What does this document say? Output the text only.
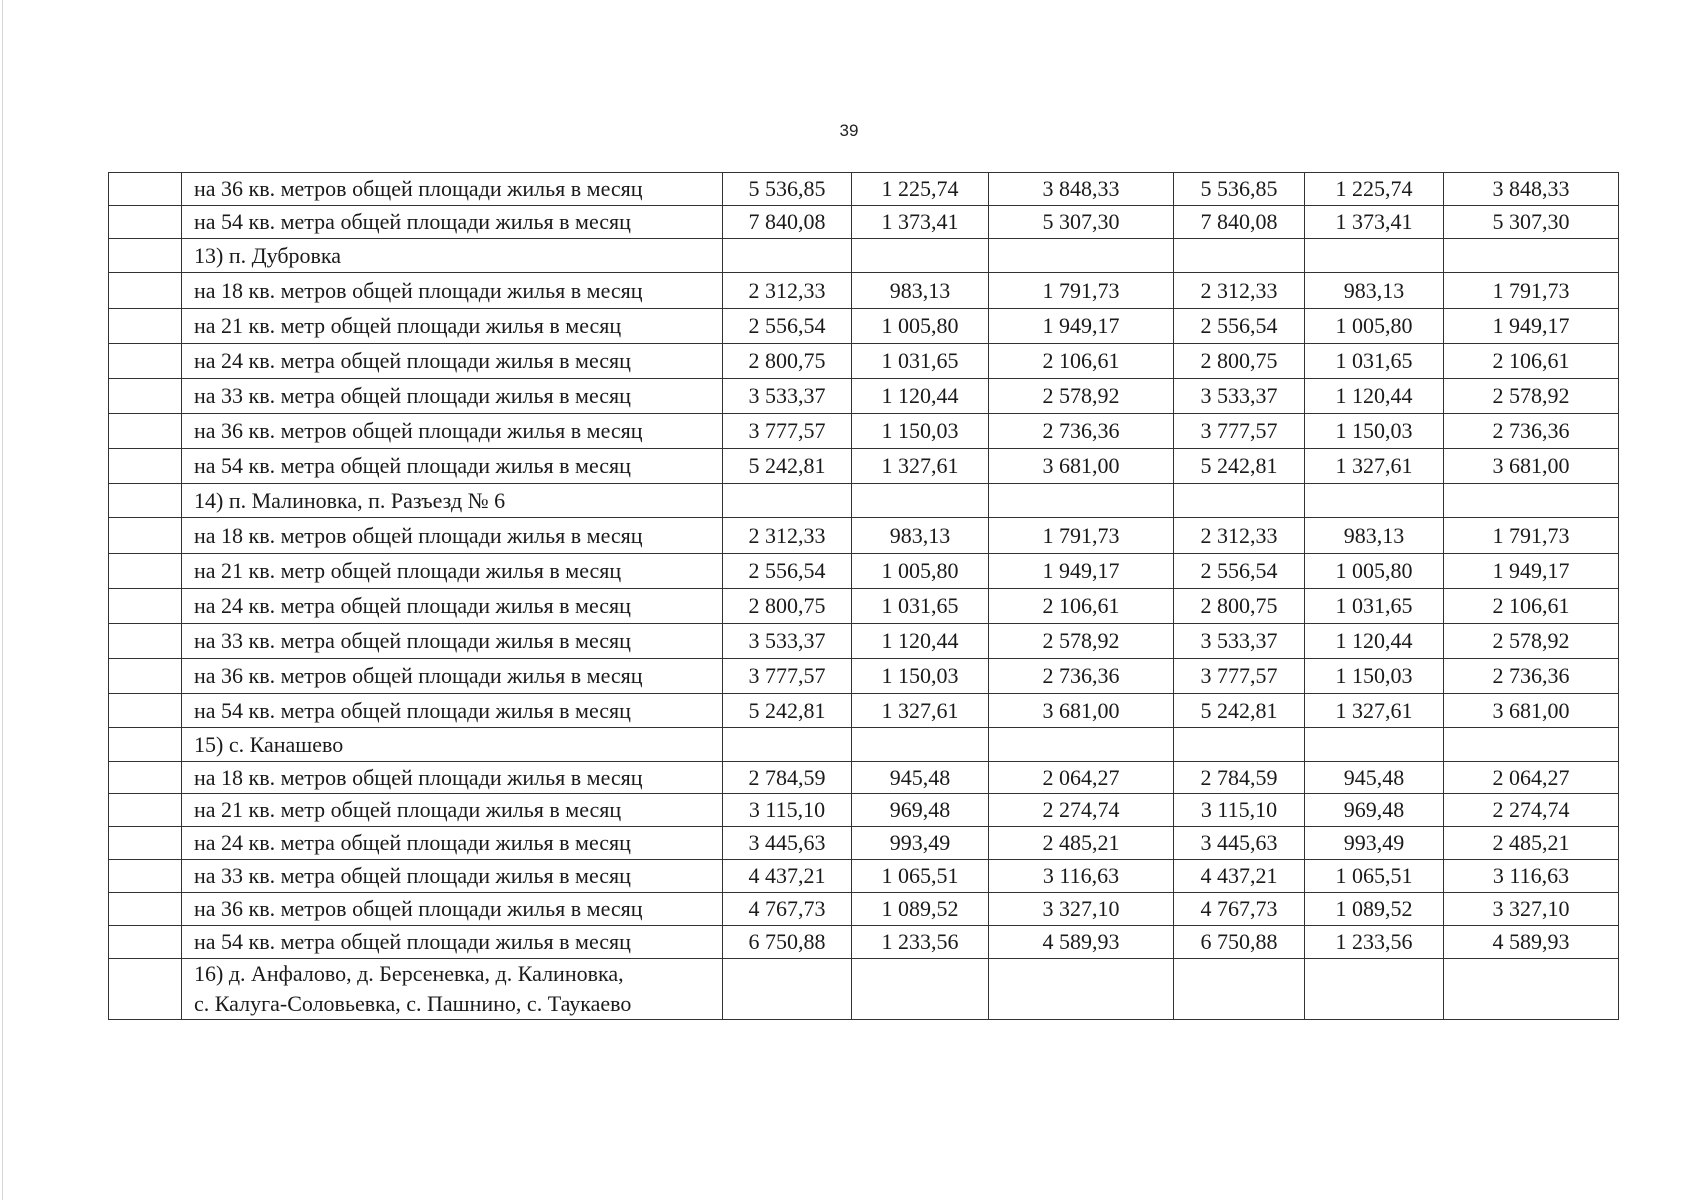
39
	на 36 кв. метров общей площади жилья в месяц	5 536,85	1 225,74	3 848,33	5 536,85	1 225,74	3 848,33
	на 54 кв. метра общей площади жилья в месяц	7 840,08	1 373,41	5 307,30	7 840,08	1 373,41	5 307,30
	13) п. Дубровка						
	на 18 кв. метров общей площади жилья в месяц	2 312,33	983,13	1 791,73	2 312,33	983,13	1 791,73
	на 21 кв. метр общей площади жилья в месяц	2 556,54	1 005,80	1 949,17	2 556,54	1 005,80	1 949,17
	на 24 кв. метра общей площади жилья в месяц	2 800,75	1 031,65	2 106,61	2 800,75	1 031,65	2 106,61
	на 33 кв. метра общей площади жилья в месяц	3 533,37	1 120,44	2 578,92	3 533,37	1 120,44	2 578,92
	на 36 кв. метров общей площади жилья в месяц	3 777,57	1 150,03	2 736,36	3 777,57	1 150,03	2 736,36
	на 54 кв. метра общей площади жилья в месяц	5 242,81	1 327,61	3 681,00	5 242,81	1 327,61	3 681,00
	14) п. Малиновка, п. Разъезд № 6						
	на 18 кв. метров общей площади жилья в месяц	2 312,33	983,13	1 791,73	2 312,33	983,13	1 791,73
	на 21 кв. метр общей площади жилья в месяц	2 556,54	1 005,80	1 949,17	2 556,54	1 005,80	1 949,17
	на 24 кв. метра общей площади жилья в месяц	2 800,75	1 031,65	2 106,61	2 800,75	1 031,65	2 106,61
	на 33 кв. метра общей площади жилья в месяц	3 533,37	1 120,44	2 578,92	3 533,37	1 120,44	2 578,92
	на 36 кв. метров общей площади жилья в месяц	3 777,57	1 150,03	2 736,36	3 777,57	1 150,03	2 736,36
	на 54 кв. метра общей площади жилья в месяц	5 242,81	1 327,61	3 681,00	5 242,81	1 327,61	3 681,00
	15) с. Канашево						
	на 18 кв. метров общей площади жилья в месяц	2 784,59	945,48	2 064,27	2 784,59	945,48	2 064,27
	на 21 кв. метр общей площади жилья в месяц	3 115,10	969,48	2 274,74	3 115,10	969,48	2 274,74
	на 24 кв. метра общей площади жилья в месяц	3 445,63	993,49	2 485,21	3 445,63	993,49	2 485,21
	на 33 кв. метра общей площади жилья в месяц	4 437,21	1 065,51	3 116,63	4 437,21	1 065,51	3 116,63
	на 36 кв. метров общей площади жилья в месяц	4 767,73	1 089,52	3 327,10	4 767,73	1 089,52	3 327,10
	на 54 кв. метра общей площади жилья в месяц	6 750,88	1 233,56	4 589,93	6 750,88	1 233,56	4 589,93

	16) д. Анфалово, д. Берсеневка, д. Калиновка,
с. Калуга-Соловьевка, с. Пашнино, с. Таукаево						
